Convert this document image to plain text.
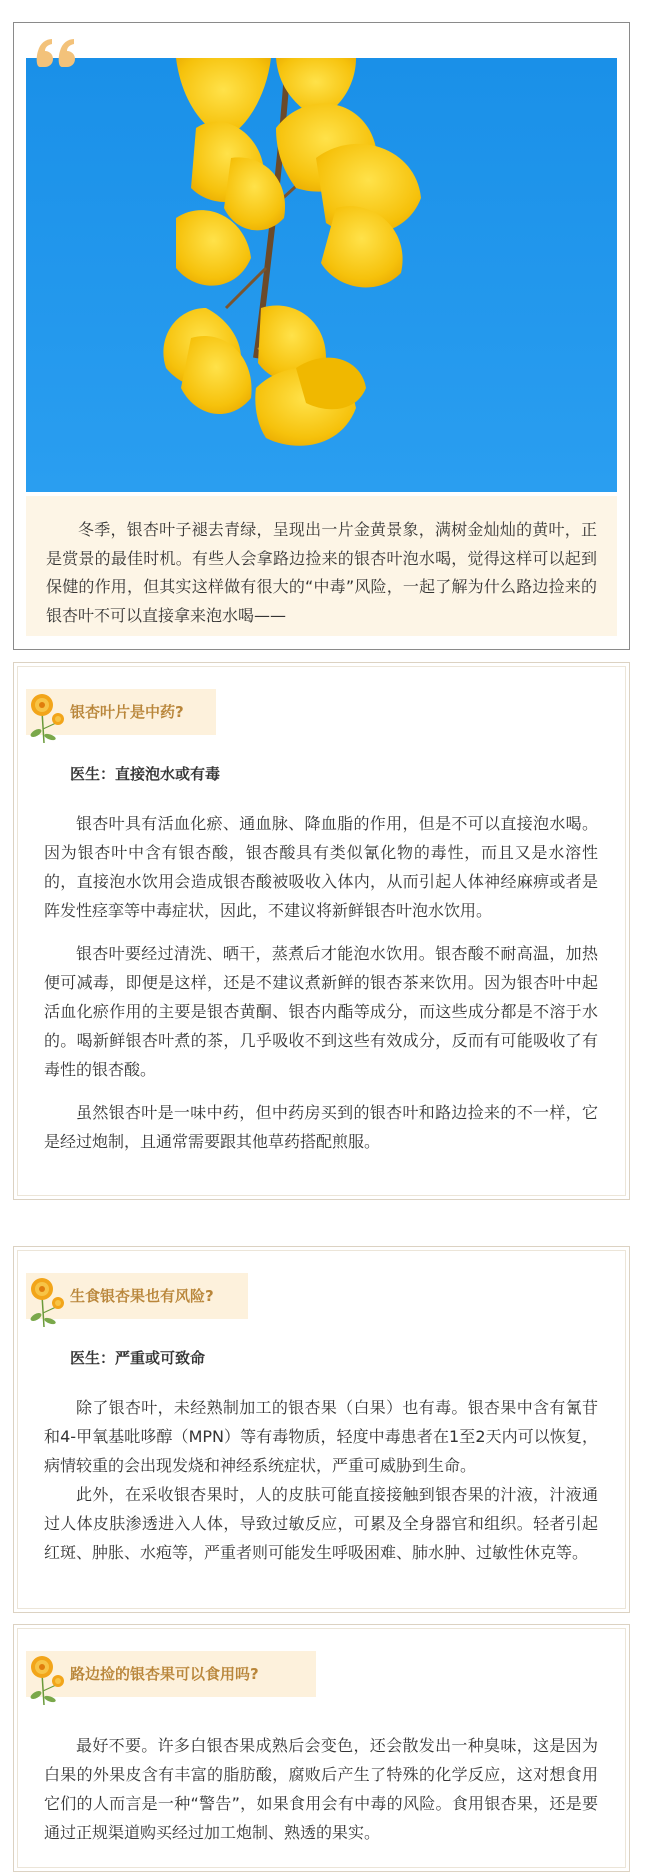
冬季，银杏叶子褪去青绿，呈现出一片金黄景象，满树金灿灿的黄叶，正是赏景的最佳时机。有些人会拿路边捡来的银杏叶泡水喝，觉得这样可以起到保健的作用，但其实这样做有很大的“中毒”风险，一起了解为什么路边捡来的银杏叶不可以直接拿来泡水喝——

银杏叶片是中药?
医生：直接泡水或有毒

银杏叶具有活血化瘀、通血脉、降血脂的作用，但是不可以直接泡水喝。因为银杏叶中含有银杏酸，银杏酸具有类似氰化物的毒性，而且又是水溶性的，直接泡水饮用会造成银杏酸被吸收入体内，从而引起人体神经麻痹或者是阵发性痉挛等中毒症状，因此，不建议将新鲜银杏叶泡水饮用。

银杏叶要经过清洗、晒干，蒸煮后才能泡水饮用。银杏酸不耐高温，加热便可减毒，即便是这样，还是不建议煮新鲜的银杏茶来饮用。因为银杏叶中起活血化瘀作用的主要是银杏黄酮、银杏内酯等成分，而这些成分都是不溶于水的。喝新鲜银杏叶煮的茶，几乎吸收不到这些有效成分，反而有可能吸收了有毒性的银杏酸。

虽然银杏叶是一味中药，但中药房买到的银杏叶和路边捡来的不一样，它是经过炮制，且通常需要跟其他草药搭配煎服。

生食银杏果也有风险?
医生：严重或可致命

除了银杏叶，未经熟制加工的银杏果（白果）也有毒。银杏果中含有氰苷和4-甲氧基吡哆醇（MPN）等有毒物质，轻度中毒患者在1至2天内可以恢复，病情较重的会出现发烧和神经系统症状，严重可威胁到生命。

此外，在采收银杏果时，人的皮肤可能直接接触到银杏果的汁液，汁液通过人体皮肤渗透进入人体，导致过敏反应，可累及全身器官和组织。轻者引起红斑、肿胀、水疱等，严重者则可能发生呼吸困难、肺水肿、过敏性休克等。

路边捡的银杏果可以食用吗?

最好不要。许多白银杏果成熟后会变色，还会散发出一种臭味，这是因为白果的外果皮含有丰富的脂肪酸，腐败后产生了特殊的化学反应，这对想食用它们的人而言是一种“警告”，如果食用会有中毒的风险。食用银杏果，还是要通过正规渠道购买经过加工炮制、熟透的果实。
